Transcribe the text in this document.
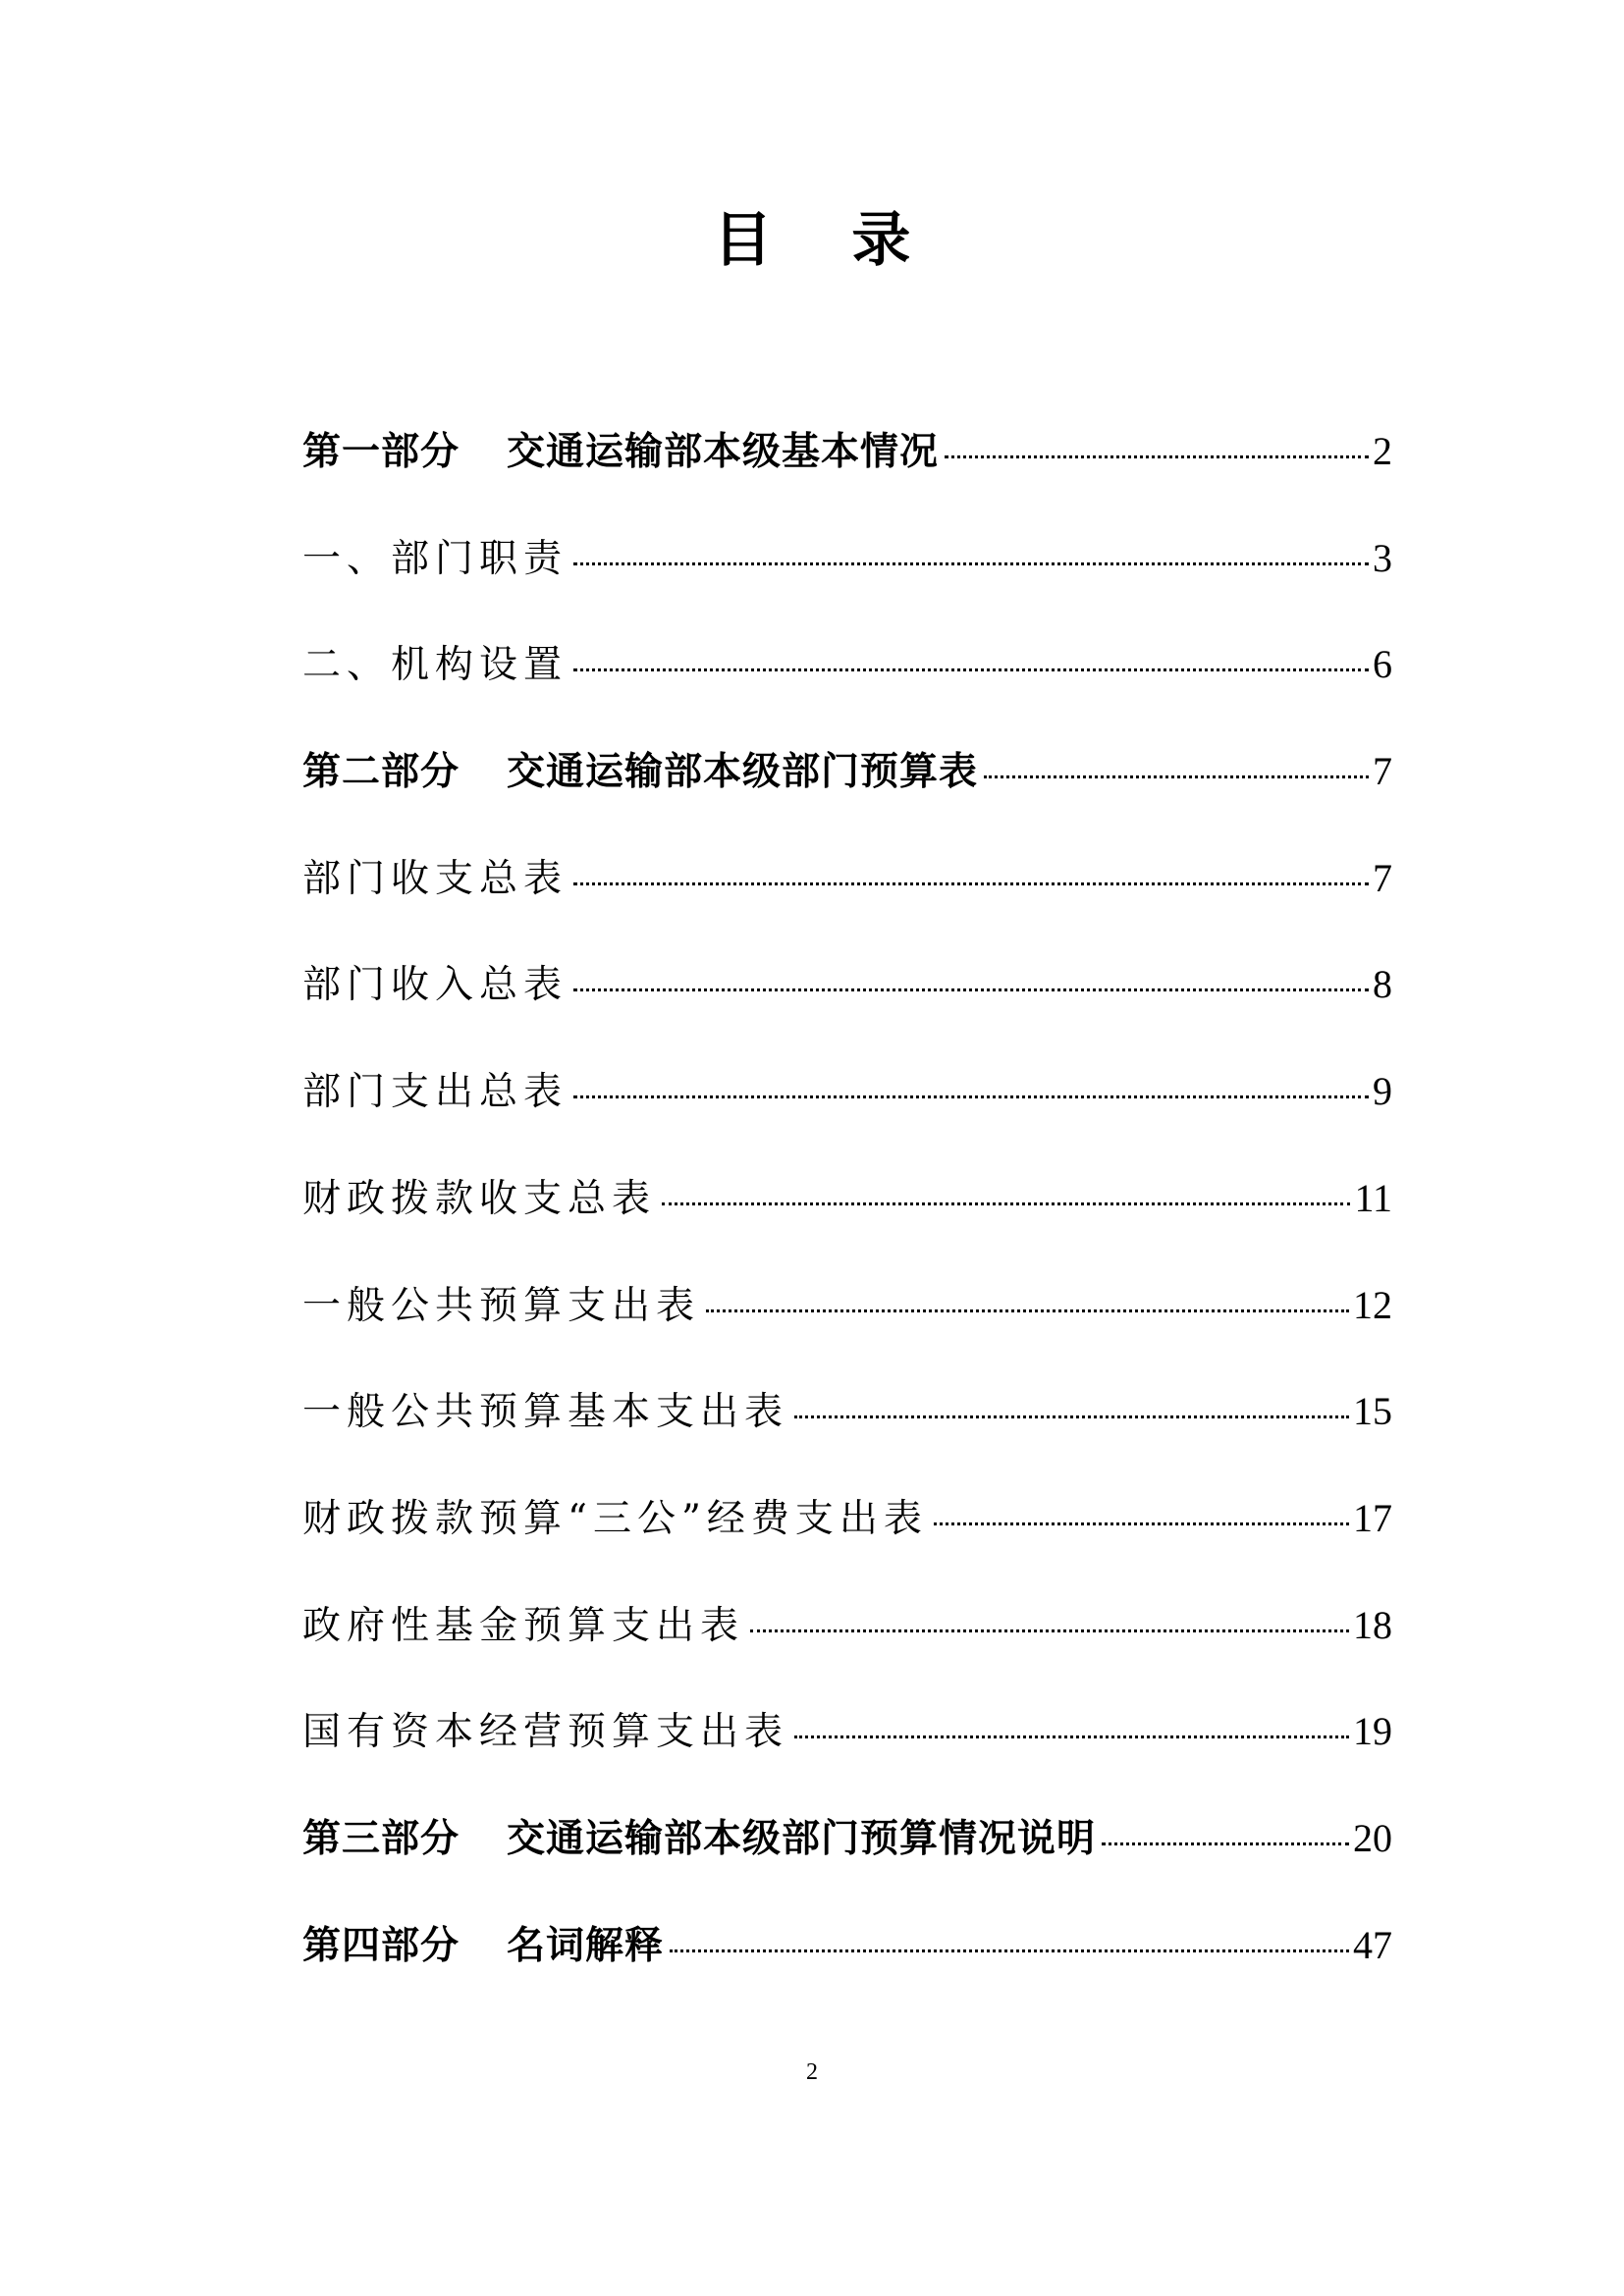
目 录
第一部分 交通运输部本级基本情况	2
一、部门职责	3
二、机构设置	6
第二部分 交通运输部本级部门预算表	7
部门收支总表	7
部门收入总表	8
部门支出总表	9
财政拨款收支总表	11
一般公共预算支出表	12
一般公共预算基本支出表	15
财政拨款预算“三公”经费支出表	17
政府性基金预算支出表	18
国有资本经营预算支出表	19
第三部分 交通运输部本级部门预算情况说明	20
第四部分 名词解释	47
2
